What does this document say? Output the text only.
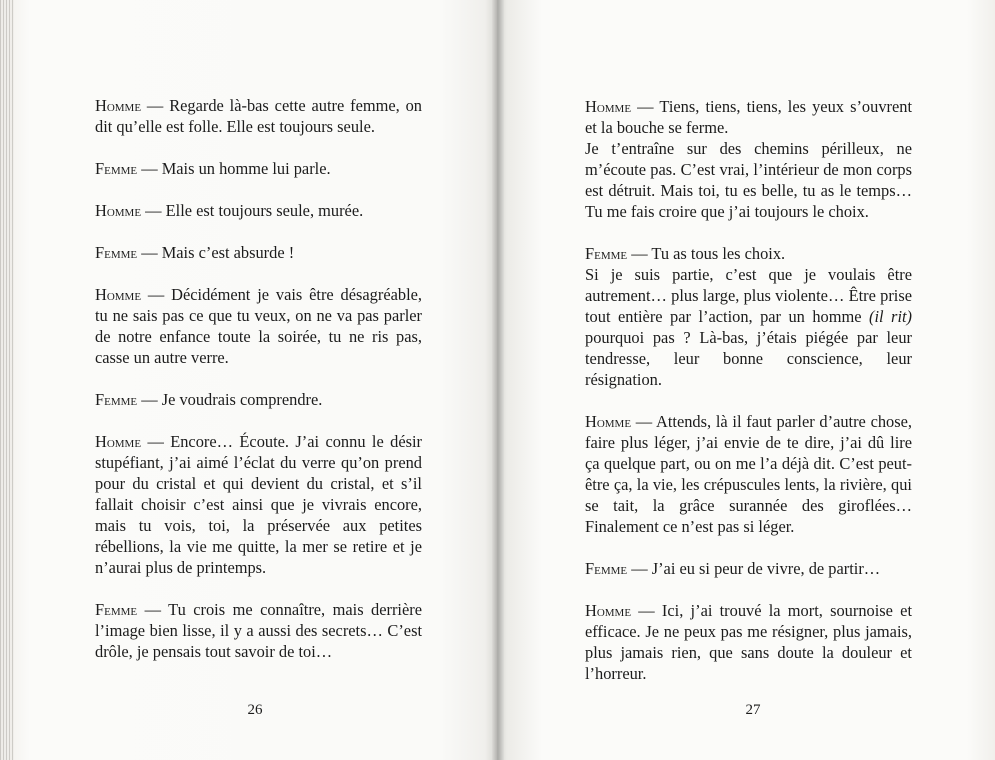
Homme — Regarde là-bas cette autre femme, on dit qu’elle est folle. Elle est toujours seule.

Femme — Mais un homme lui parle.

Homme — Elle est toujours seule, murée.

Femme — Mais c’est absurde !

Homme — Décidément je vais être désagréable, tu ne sais pas ce que tu veux, on ne va pas parler de notre enfance toute la soirée, tu ne ris pas, casse un autre verre.

Femme — Je voudrais comprendre.

Homme — Encore… Écoute. J’ai connu le désir stupéfiant, j’ai aimé l’éclat du verre qu’on prend pour du cristal et qui devient du cristal, et s’il fallait choisir c’est ainsi que je vivrais encore, mais tu vois, toi, la préservée aux petites rébellions, la vie me quitte, la mer se retire et je n’aurai plus de printemps.

Femme — Tu crois me connaître, mais derrière l’image bien lisse, il y a aussi des secrets… C’est drôle, je pensais tout savoir de toi…

26

Homme — Tiens, tiens, tiens, les yeux s’ouvrent et la bouche se ferme.
Je t’entraîne sur des chemins périlleux, ne m’écoute pas. C’est vrai, l’intérieur de mon corps est détruit. Mais toi, tu es belle, tu as le temps… Tu me fais croire que j’ai toujours le choix.

Femme — Tu as tous les choix.
Si je suis partie, c’est que je voulais être autrement… plus large, plus violente… Être prise tout entière par l’action, par un homme (il rit) pourquoi pas ? Là-bas, j’étais piégée par leur tendresse, leur bonne conscience, leur résignation.

Homme — Attends, là il faut parler d’autre chose, faire plus léger, j’ai envie de te dire, j’ai dû lire ça quelque part, ou on me l’a déjà dit. C’est peut-être ça, la vie, les crépuscules lents, la rivière, qui se tait, la grâce surannée des giroflées… Finalement ce n’est pas si léger.

Femme — J’ai eu si peur de vivre, de partir…

Homme — Ici, j’ai trouvé la mort, sournoise et efficace. Je ne peux pas me résigner, plus jamais, plus jamais rien, que sans doute la douleur et l’horreur.

27
